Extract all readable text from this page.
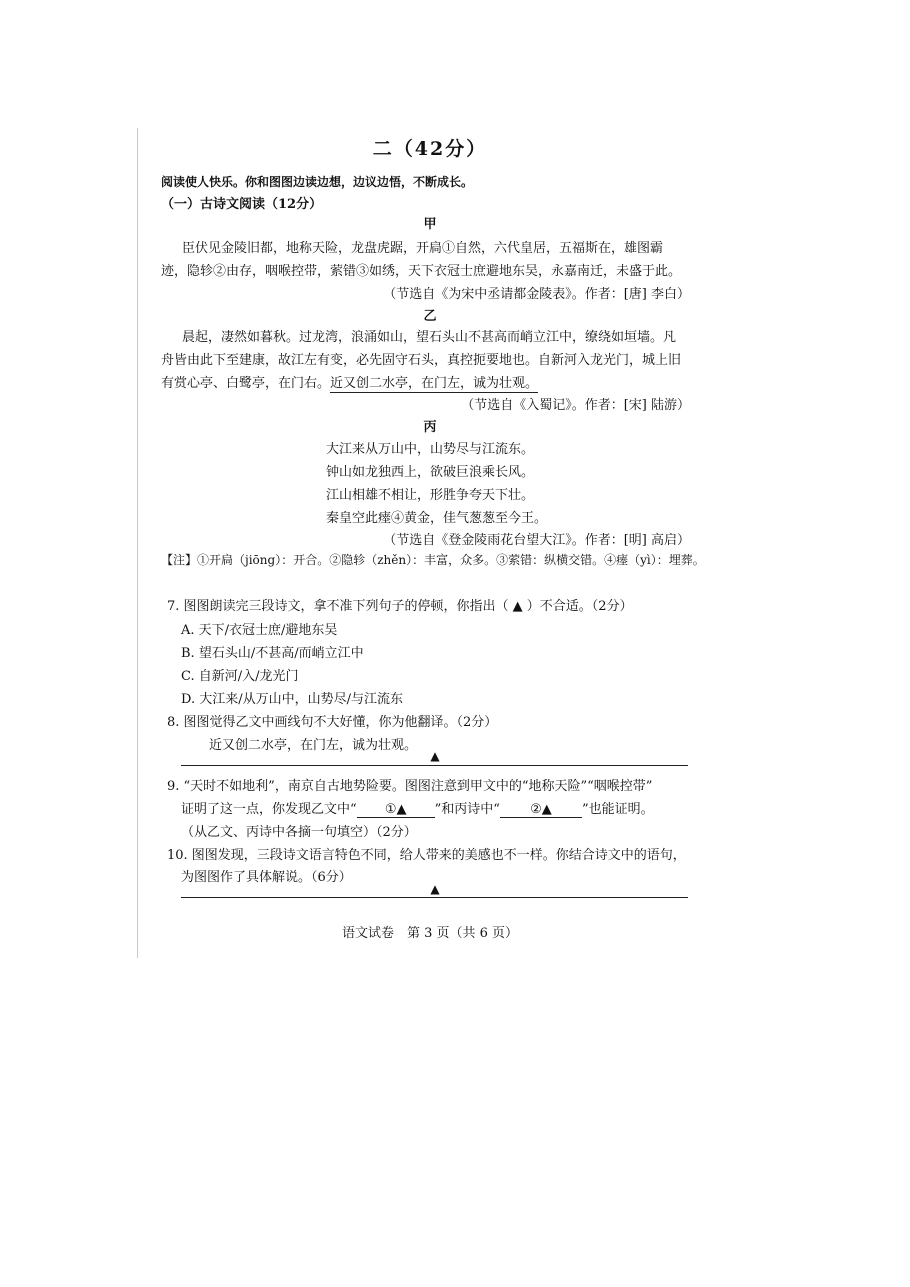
二（42分）
阅读使人快乐。你和图图边读边想，边议边悟，不断成长。
（一）古诗文阅读（12分）
甲
臣伏见金陵旧都，地称天险，龙盘虎踞，开扃①自然，六代皇居，五福斯在，雄图霸
迹，隐轸②由存，咽喉控带，萦错③如绣，天下衣冠士庶避地东吴，永嘉南迁，未盛于此。
（节选自《为宋中丞请都金陵表》。作者：[唐] 李白）
乙
晨起，凄然如暮秋。过龙湾，浪涌如山，望石头山不甚高而峭立江中，缭绕如垣墙。凡
舟皆由此下至建康，故江左有变，必先固守石头，真控扼要地也。自新河入龙光门，城上旧
有赏心亭、白鹭亭，在门右。近又创二水亭，在门左，诚为壮观。
（节选自《入蜀记》。作者：[宋] 陆游）
丙
大江来从万山中，山势尽与江流东。
钟山如龙独西上，欲破巨浪乘长风。
江山相雄不相让，形胜争夸天下壮。
秦皇空此瘗④黄金，佳气葱葱至今王。
（节选自《登金陵雨花台望大江》。作者：[明] 高启）
【注】①开扃（jiōng）：开合。②隐轸（zhěn）：丰富，众多。③萦错：纵横交错。④瘗（yì）：埋葬。
7. 图图朗读完三段诗文，拿不准下列句子的停顿，你指出（ ▲ ）不合适。（2分）
A. 天下/衣冠士庶/避地东吴
B. 望石头山/不甚高/而峭立江中
C. 自新河/入/龙光门
D. 大江来/从万山中，山势尽/与江流东
8. 图图觉得乙文中画线句不大好懂，你为他翻译。（2分）
近又创二水亭，在门左，诚为壮观。
▲
9. “天时不如地利”，南京自古地势险要。图图注意到甲文中的“地称天险”“咽喉控带”
证明了这一点，你发现乙文中“ ①▲ ”和丙诗中“ ②▲ ”也能证明。
（从乙文、丙诗中各摘一句填空）（2分）
10. 图图发现，三段诗文语言特色不同，给人带来的美感也不一样。你结合诗文中的语句，
为图图作了具体解说。（6分）
▲
语文试卷　第 3 页（共 6 页）
